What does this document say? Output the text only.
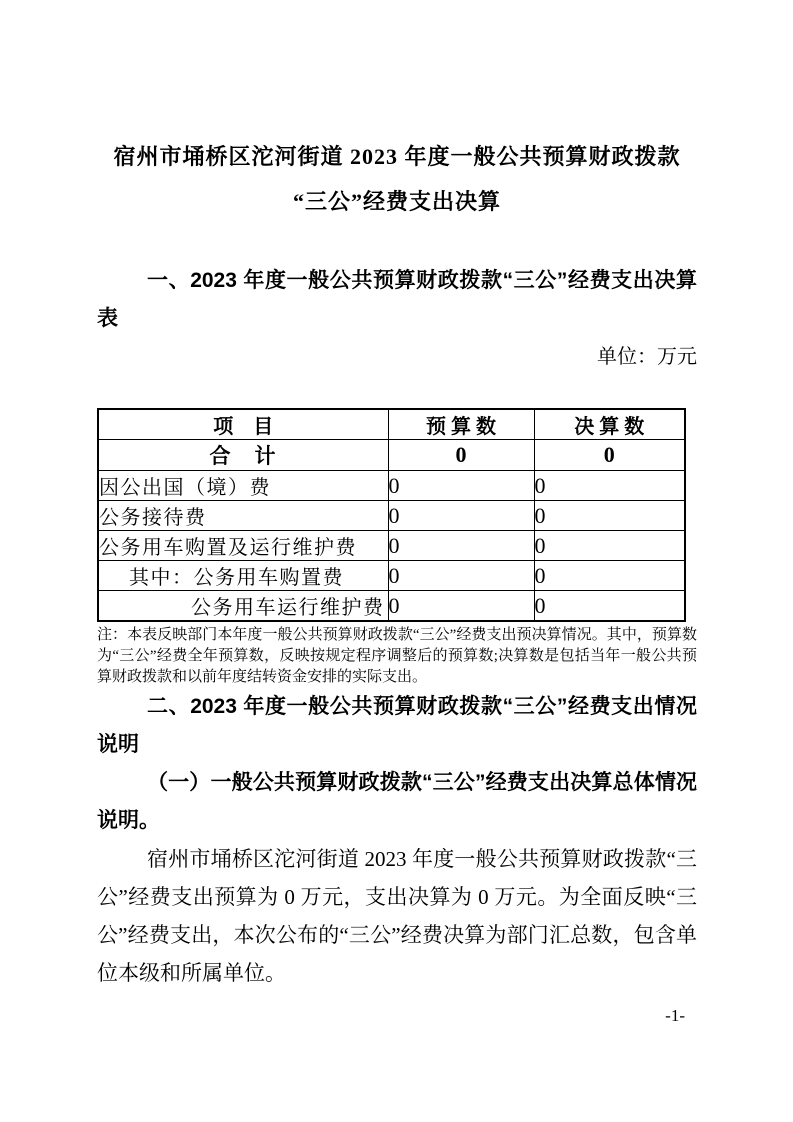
宿州市埇桥区沱河街道 2023 年度一般公共预算财政拨款
“三公”经费支出决算
一、2023 年度一般公共预算财政拨款“三公”经费支出决算表
单位：万元
项　目	预 算 数	决 算 数
合　计	0	0
因公出国（境）费	0	0
公务接待费	0	0
公务用车购置及运行维护费	0	0
其中：公务用车购置费	0	0
公务用车运行维护费	0	0
注：本表反映部门本年度一般公共预算财政拨款“三公”经费支出预决算情况。其中，预算数为“三公”经费全年预算数，反映按规定程序调整后的预算数;决算数是包括当年一般公共预算财政拨款和以前年度结转资金安排的实际支出。
二、2023 年度一般公共预算财政拨款“三公”经费支出情况说明
（一）一般公共预算财政拨款“三公”经费支出决算总体情况说明。
宿州市埇桥区沱河街道 2023 年度一般公共预算财政拨款“三公”经费支出预算为 0 万元，支出决算为 0 万元。为全面反映“三公”经费支出，本次公布的“三公”经费决算为部门汇总数，包含单位本级和所属单位。
-1-
